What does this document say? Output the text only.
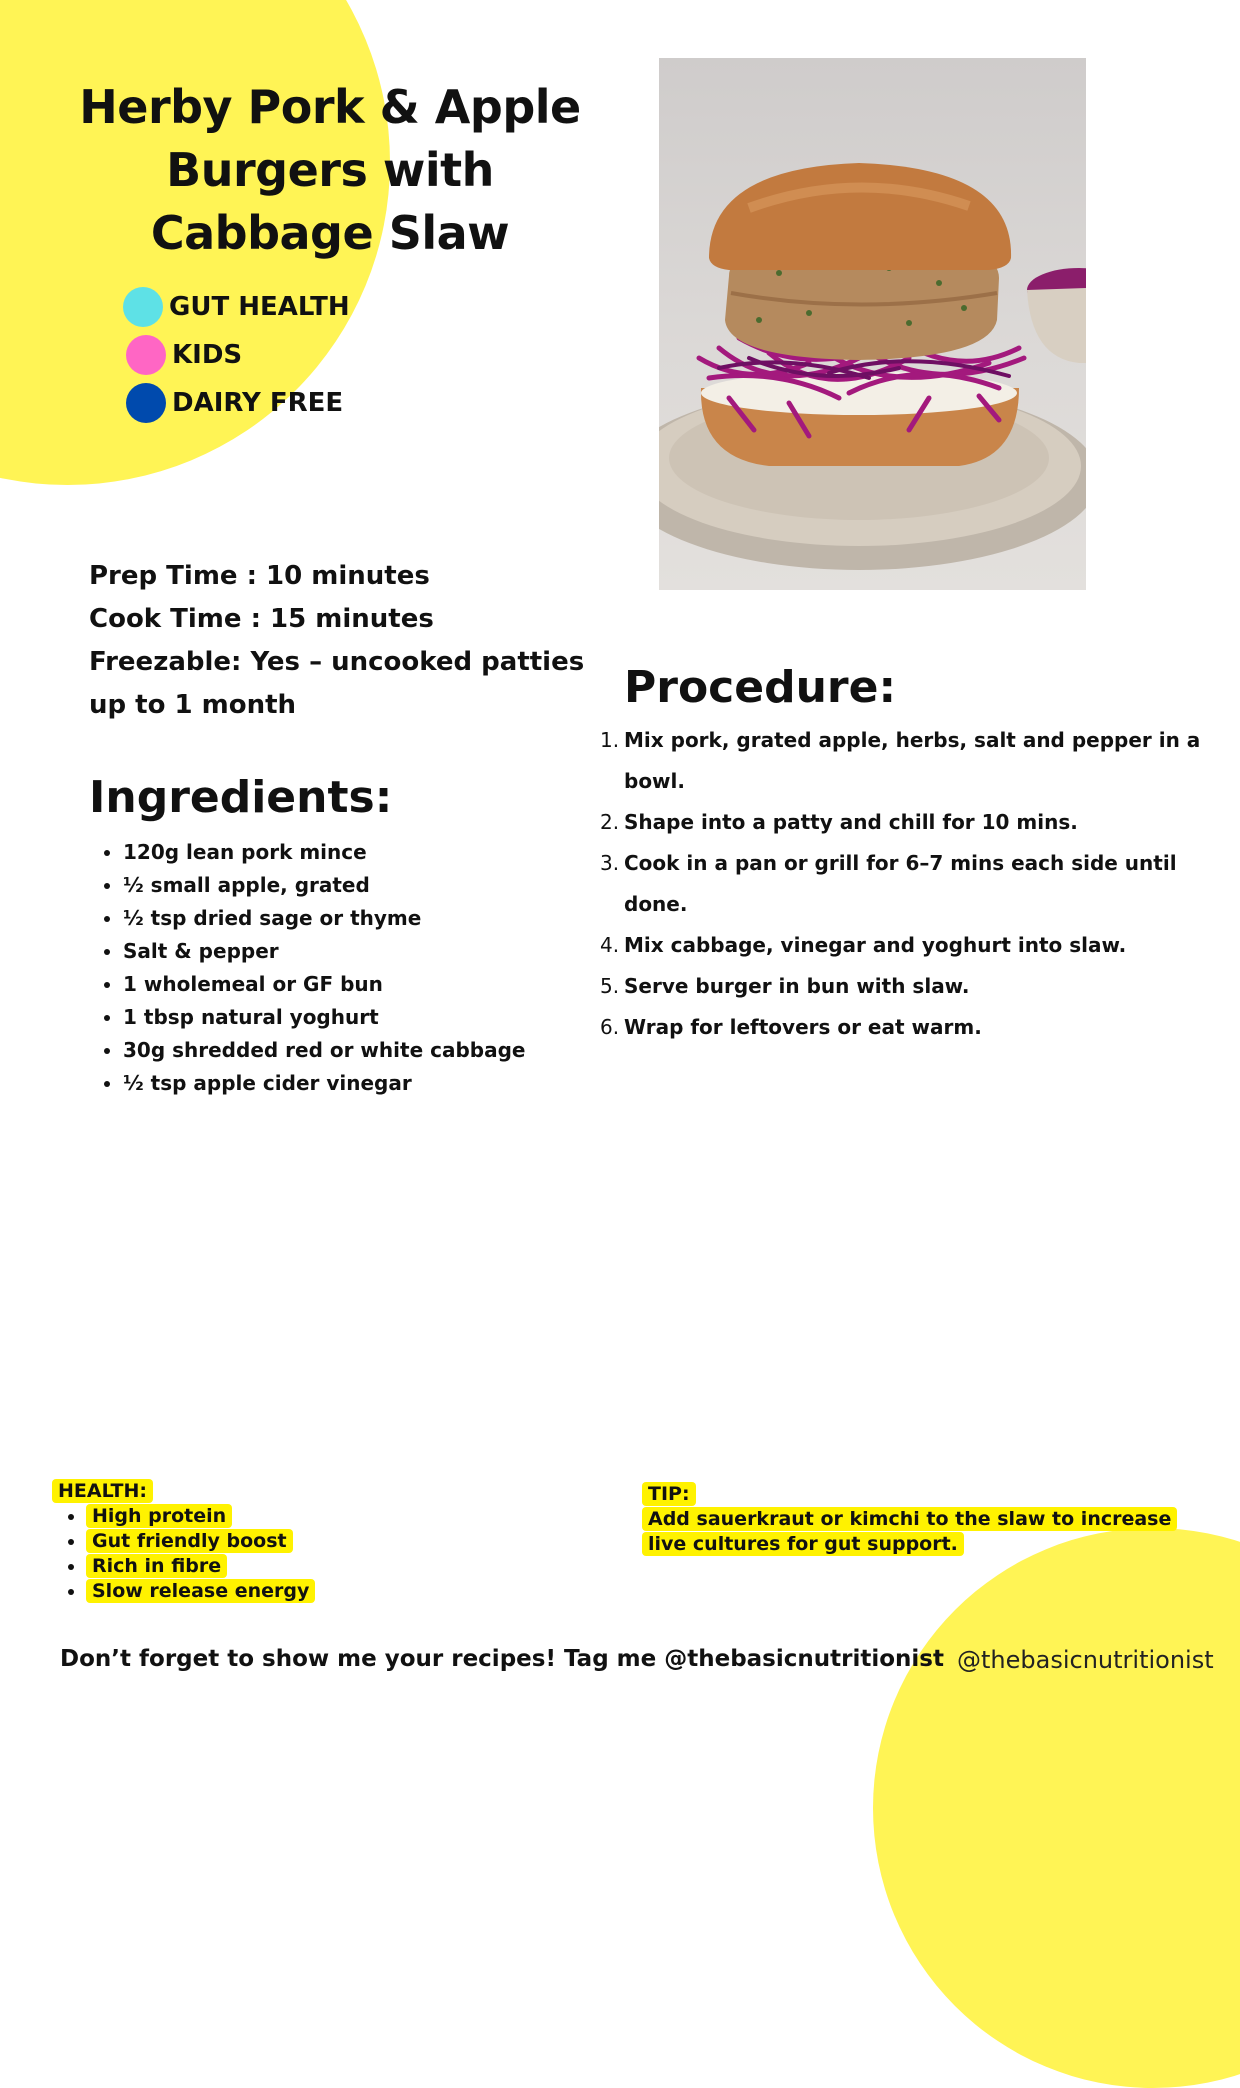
Herby Pork & Apple Burgers with Cabbage Slaw
GUT HEALTH
KIDS
DAIRY FREE
Prep Time : 10 minutes
Cook Time : 15 minutes
Freezable: Yes – uncooked patties up to 1 month
Ingredients:
• 120g lean pork mince
• ½ small apple, grated
• ½ tsp dried sage or thyme
• Salt & pepper
• 1 wholemeal or GF bun
• 1 tbsp natural yoghurt
• 30g shredded red or white cabbage
• ½ tsp apple cider vinegar
Procedure:
Mix pork, grated apple, herbs, salt and pepper in a bowl.
Shape into a patty and chill for 10 mins.
Cook in a pan or grill for 6–7 mins each side until done.
Mix cabbage, vinegar and yoghurt into slaw.
Serve burger in bun with slaw.
Wrap for leftovers or eat warm.
HEALTH:
• High protein
• Gut friendly boost
• Rich in fibre
• Slow release energy
TIP:
Add sauerkraut or kimchi to the slaw to increase live cultures for gut support.
Don’t forget to show me your recipes! Tag me @thebasicnutritionist @thebasicnutritionist
